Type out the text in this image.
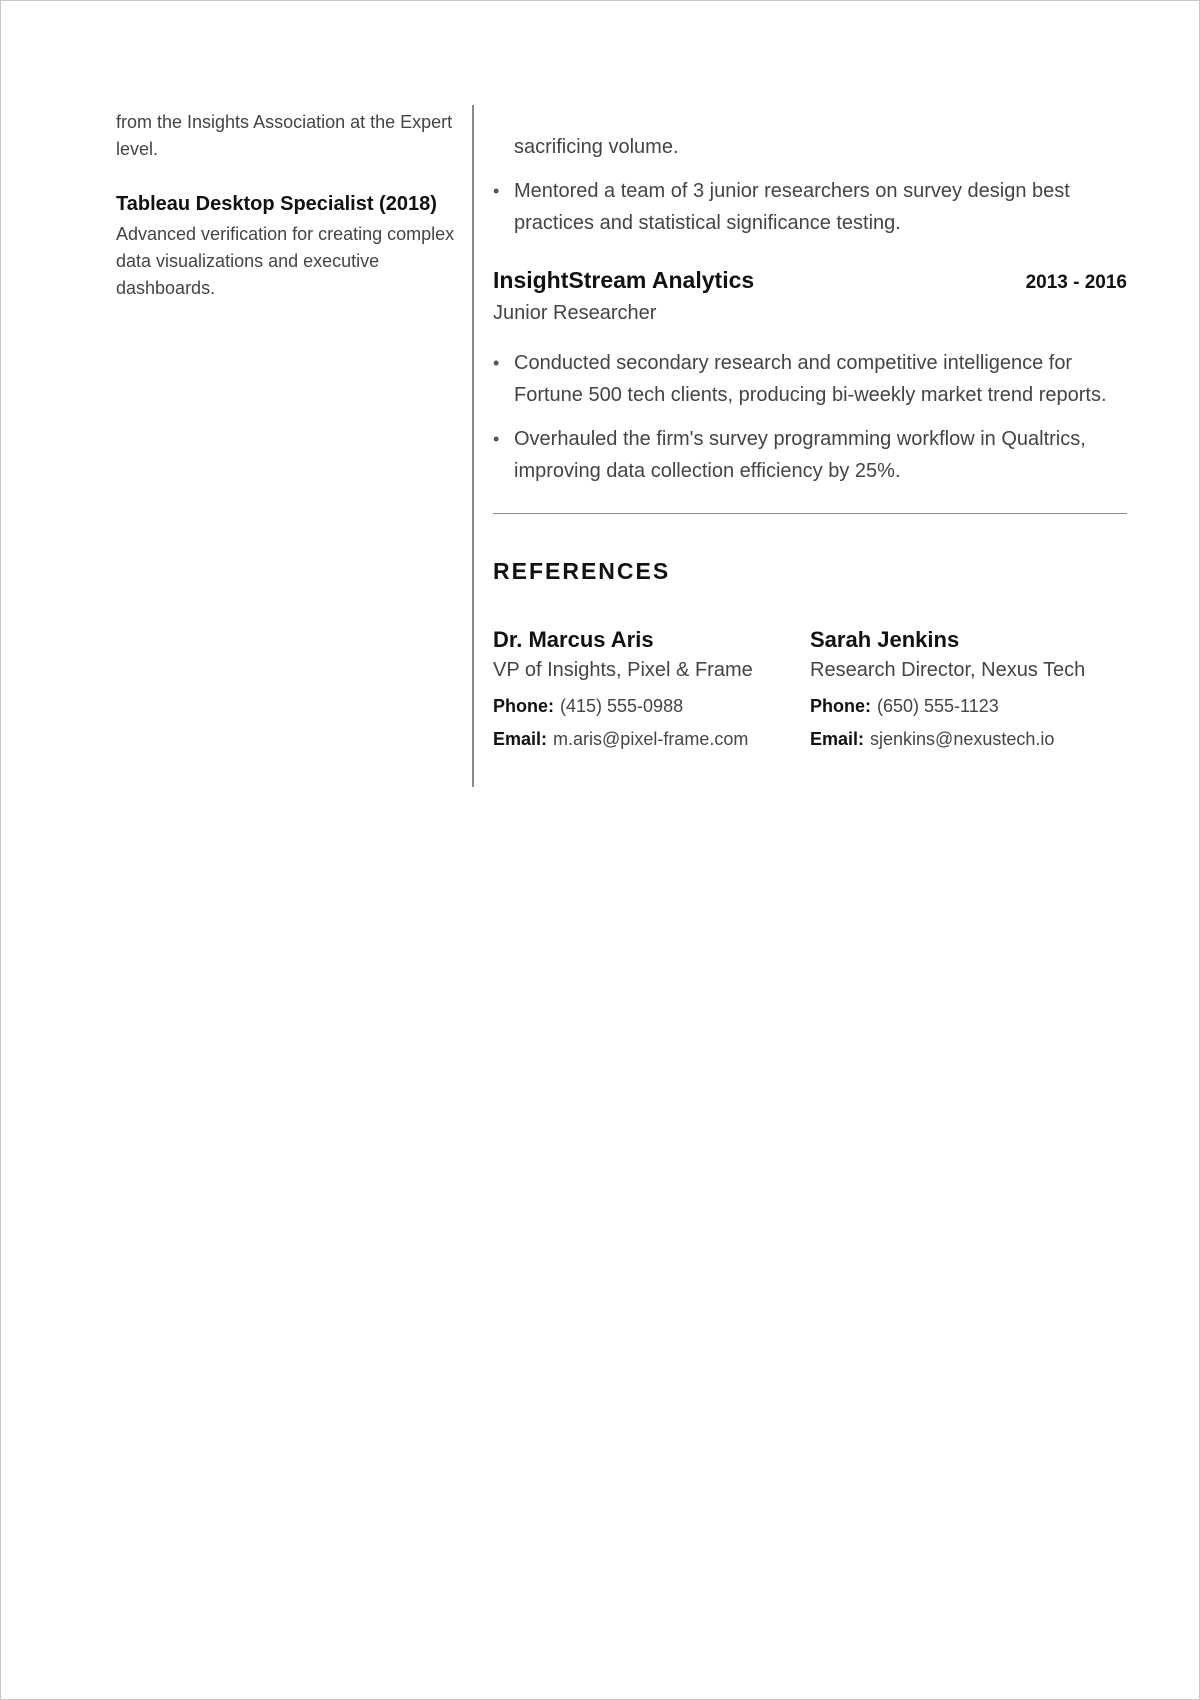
from the Insights Association at the Expert level.

Tableau Desktop Specialist (2018)

Advanced verification for creating complex data visualizations and executive dashboards.

sacrificing volume.

• Mentored a team of 3 junior researchers on survey design best practices and statistical significance testing.
InsightStream Analytics	2013 - 2016

Junior Researcher

• Conducted secondary research and competitive intelligence for Fortune 500 tech clients, producing bi-weekly market trend reports.
• Overhauled the firm's survey programming workflow in Qualtrics, improving data collection efficiency by 25%.
REFERENCES
Dr. Marcus Aris
VP of Insights, Pixel & Frame
Phone: (415) 555-0988
Email: m.aris@pixel-frame.com
Sarah Jenkins
Research Director, Nexus Tech
Phone: (650) 555-1123
Email: sjenkins@nexustech.io
